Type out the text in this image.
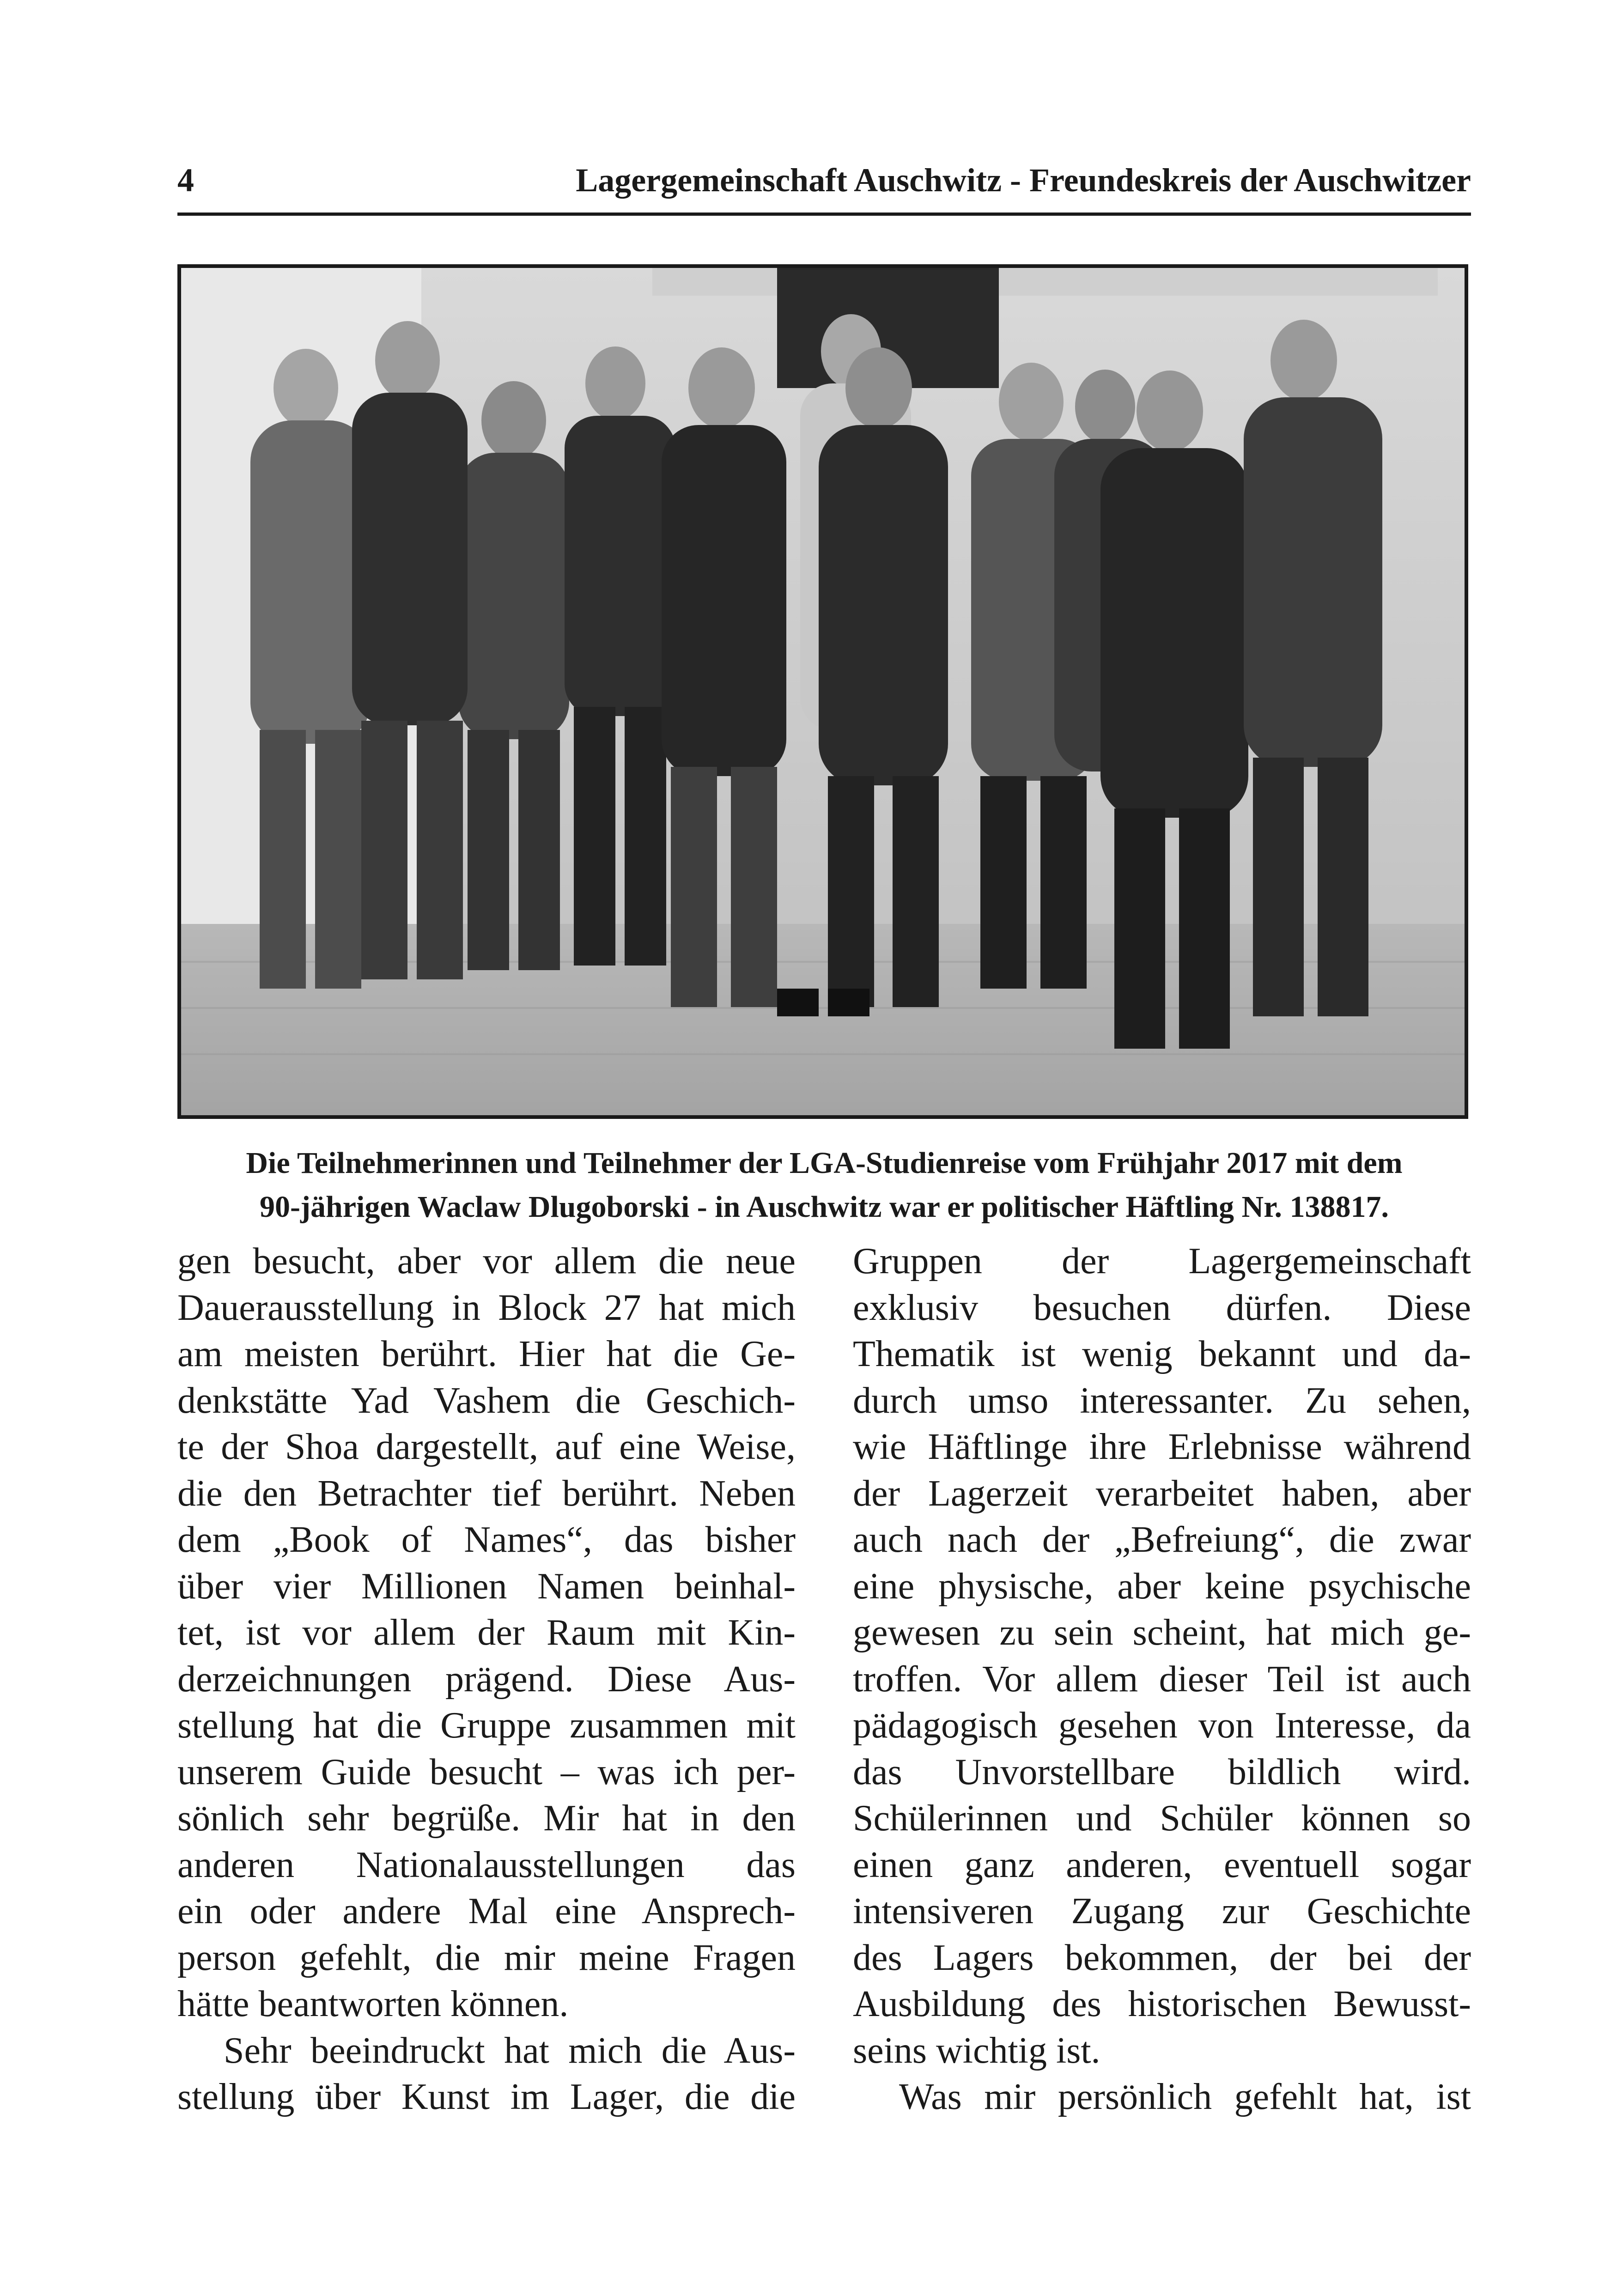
4	Lagergemeinschaft Auschwitz - Freundeskreis der Auschwitzer
Die Teilnehmerinnen und Teilnehmer der LGA-Studienreise vom Frühjahr 2017 mit dem
90-jährigen Waclaw Dlugoborski - in Auschwitz war er politischer Häftling Nr. 138817.
gen besucht, aber vor allem die neue
Dauerausstellung in Block 27 hat mich
am meisten berührt. Hier hat die Ge-
denkstätte Yad Vashem die Geschich-
te der Shoa dargestellt, auf eine Weise,
die den Betrachter tief berührt. Neben
dem „Book of Names“, das bisher
über vier Millionen Namen beinhal-
tet, ist vor allem der Raum mit Kin-
derzeichnungen prägend. Diese Aus-
stellung hat die Gruppe zusammen mit
unserem Guide besucht – was ich per-
sönlich sehr begrüße. Mir hat in den
anderen Nationalausstellungen das
ein oder andere Mal eine Ansprech-
person gefehlt, die mir meine Fragen
hätte beantworten können.
Sehr beeindruckt hat mich die Aus-
stellung über Kunst im Lager, die die
Gruppen der Lagergemeinschaft
exklusiv besuchen dürfen. Diese
Thematik ist wenig bekannt und da-
durch umso interessanter. Zu sehen,
wie Häftlinge ihre Erlebnisse während
der Lagerzeit verarbeitet haben, aber
auch nach der „Befreiung“, die zwar
eine physische, aber keine psychische
gewesen zu sein scheint, hat mich ge-
troffen. Vor allem dieser Teil ist auch
pädagogisch gesehen von Interesse, da
das Unvorstellbare bildlich wird.
Schülerinnen und Schüler können so
einen ganz anderen, eventuell sogar
intensiveren Zugang zur Geschichte
des Lagers bekommen, der bei der
Ausbildung des historischen Bewusst-
seins wichtig ist.
Was mir persönlich gefehlt hat, ist
